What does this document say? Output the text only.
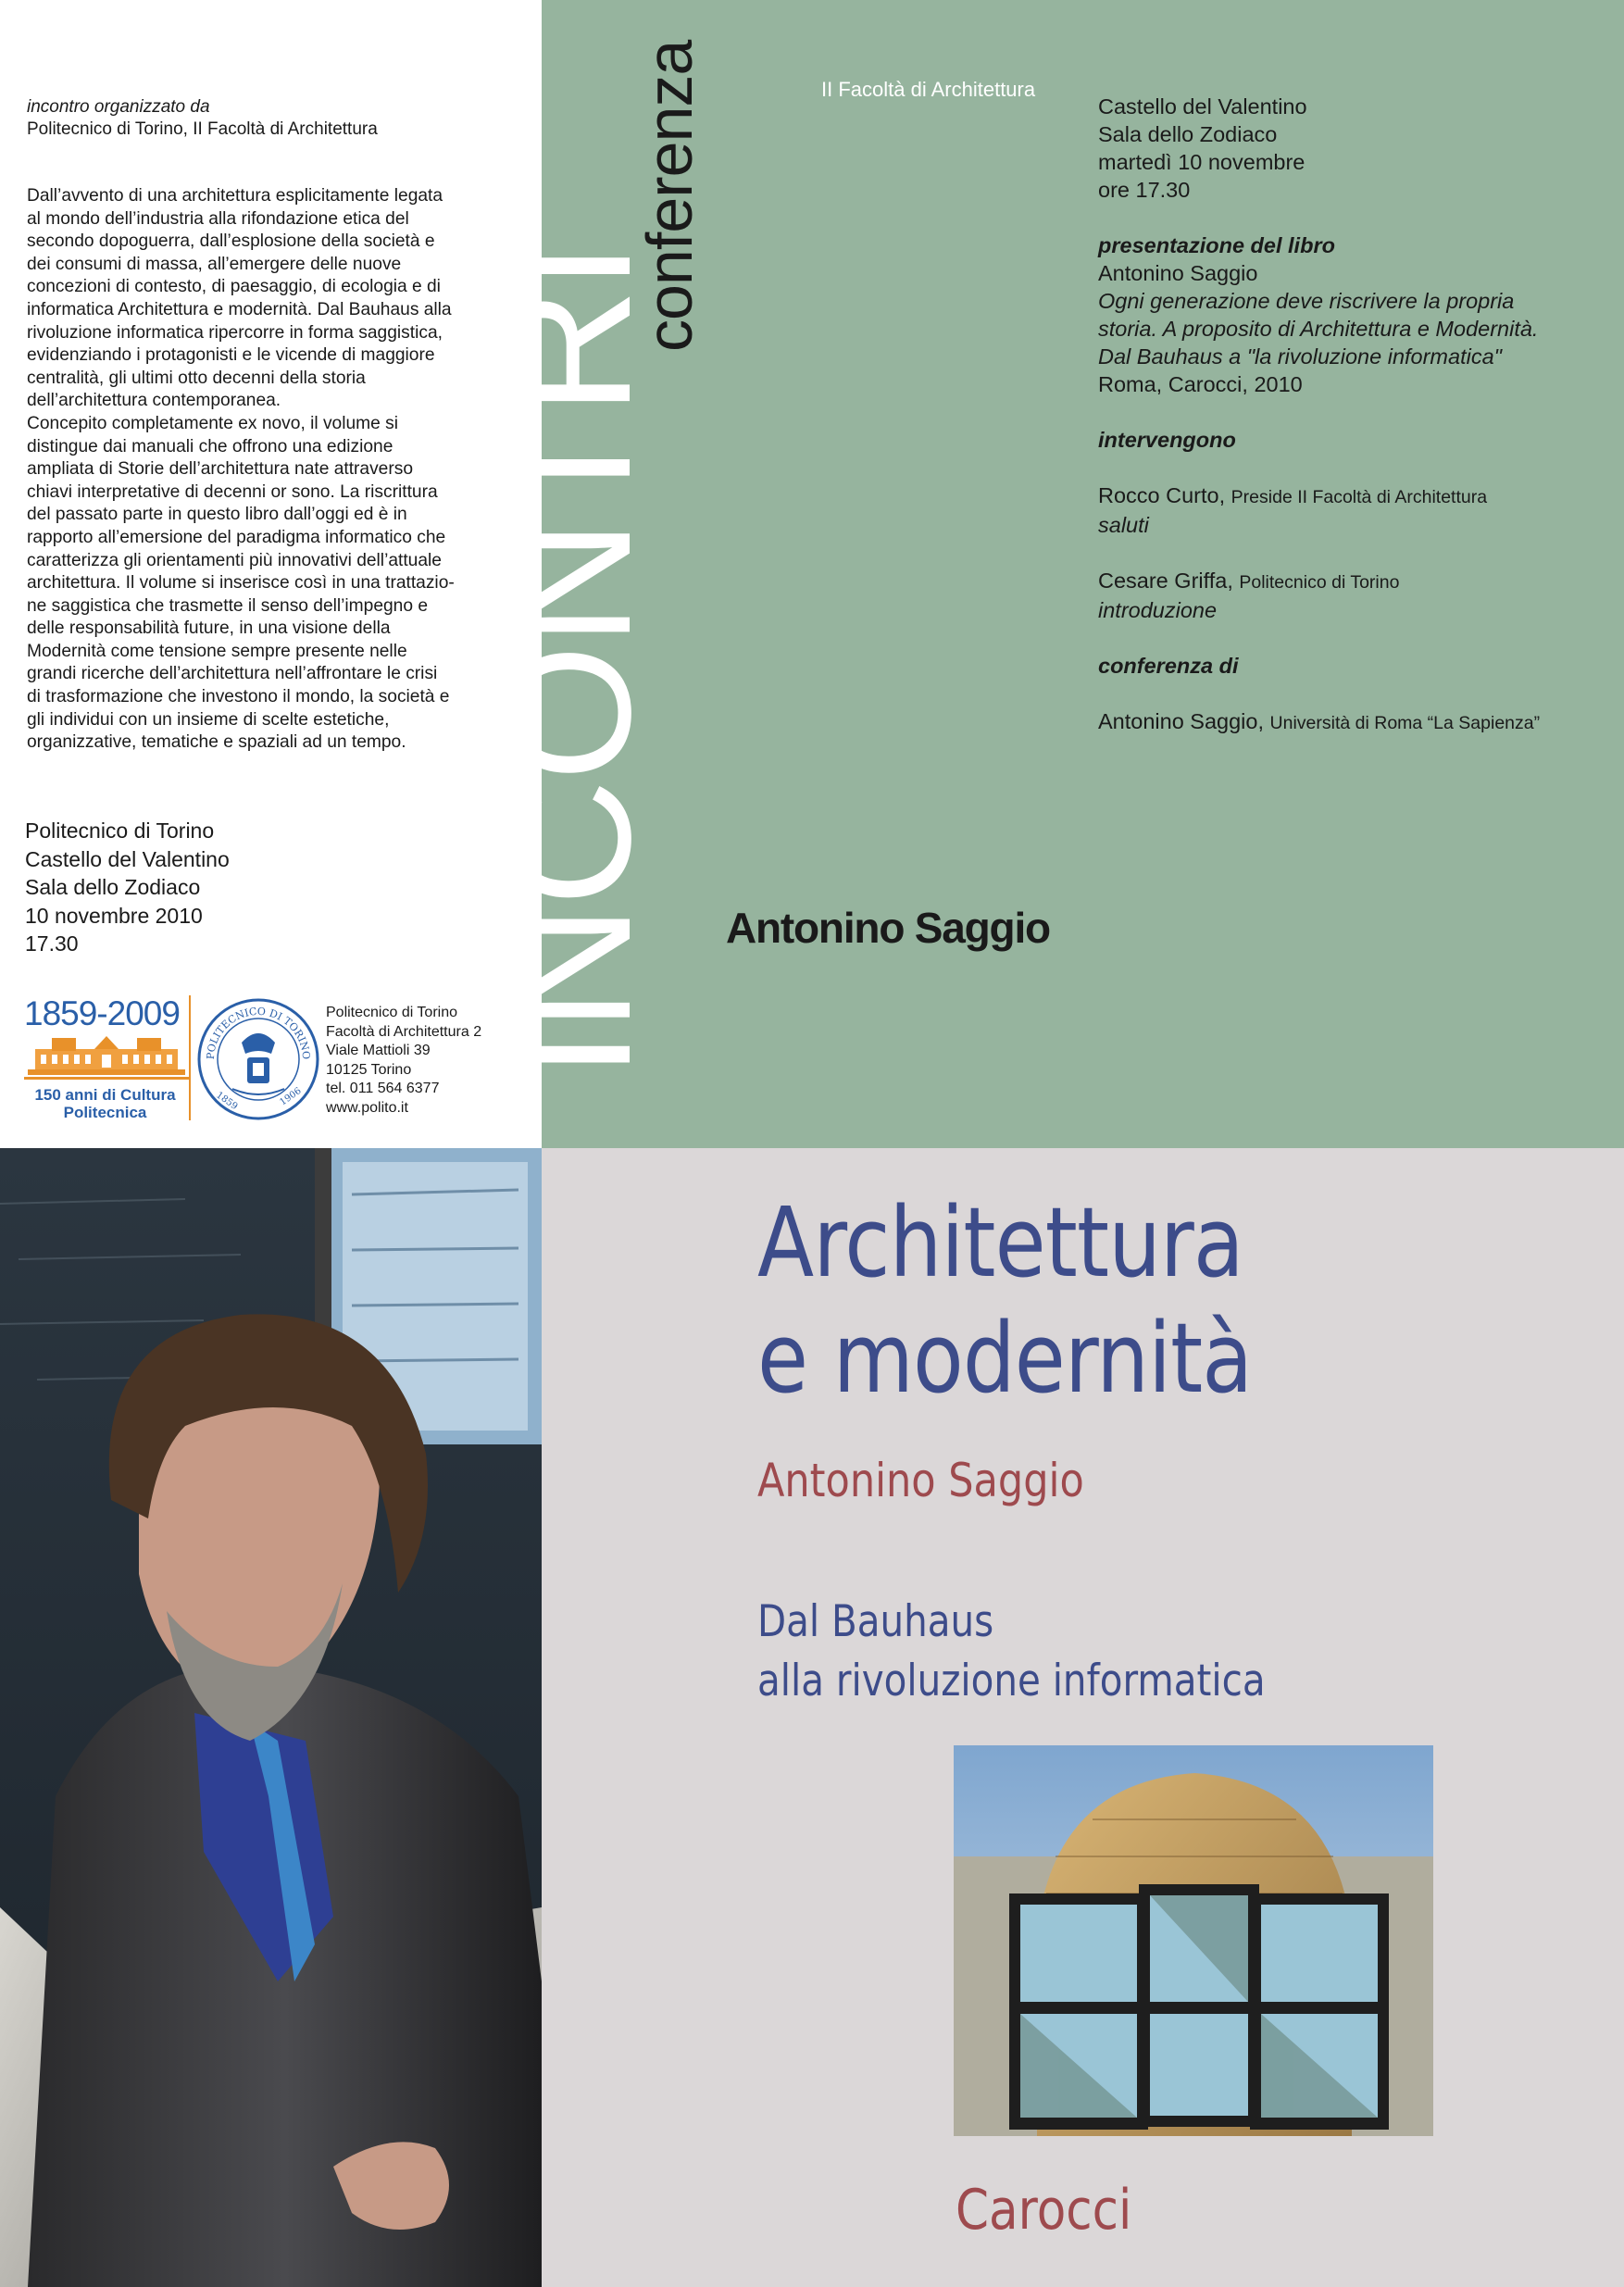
incontro organizzato da
Politecnico di Torino, II Facoltà di Architettura

Dall’avvento di una architettura esplicitamente legata

al mondo dell’industria alla rifondazione etica del

secondo dopoguerra, dall’esplosione della società e

dei consumi di massa, all’emergere delle nuove

concezioni di contesto, di paesaggio, di ecologia e di

informatica Architettura e modernità. Dal Bauhaus alla

rivoluzione informatica ripercorre in forma saggistica,

evidenziando i protagonisti e le vicende di maggiore

centralità, gli ultimi otto decenni della storia

dell’architettura contemporanea.

Concepito completamente ex novo, il volume si

distingue dai manuali che offrono una edizione

ampliata di Storie dell’architettura nate attraverso

chiavi interpretative di decenni or sono. La riscrittura

del passato parte in questo libro dall’oggi ed è in

rapporto all’emersione del paradigma informatico che

caratterizza gli orientamenti più innovativi dell’attuale

architettura. Il volume si inserisce così in una trattazio-

ne saggistica che trasmette il senso dell’impegno e

delle responsabilità future, in una visione della

Modernità come tensione sempre presente nelle

grandi ricerche dell’architettura nell’affrontare le crisi

di trasformazione che investono il mondo, la società e

gli individui con un insieme di scelte estetiche,

organizzative, tematiche e spaziali ad un tempo.

Politecnico di Torino
Castello del Valentino
Sala dello Zodiaco
10 novembre 2010
17.30
1859-2009
150 anni di Cultura
Politecnica
POLITECNICO DI TORINO
1859	1906
Politecnico di Torino
Facoltà di Architettura 2
Viale Mattioli 39
10125 Torino
tel. 011 564 6377
www.polito.it
INCONTRI
conferenza	II Facoltà di Architettura
Castello del Valentino
Sala dello Zodiaco
martedì 10 novembre
ore 17.30
presentazione del libro
Antonino Saggio
Ogni generazione deve riscrivere la propria
storia. A proposito di Architettura e Modernità.
Dal Bauhaus a "la rivoluzione informatica"
Roma, Carocci, 2010
intervengono
Rocco Curto, Preside II Facoltà di Architettura
saluti
Cesare Griffa, Politecnico di Torino
introduzione
conferenza di
Antonino Saggio, Università di Roma “La Sapienza”
Antonino Saggio
Architettura
e modernità
Antonino Saggio
Dal Bauhaus
alla rivoluzione informatica
Carocci
